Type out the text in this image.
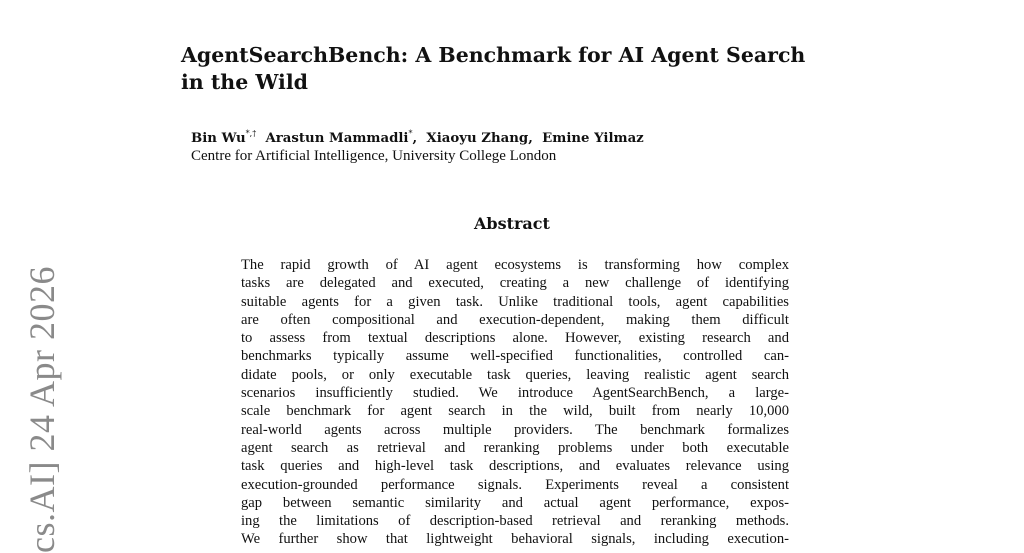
cs.AI] 24 Apr 2026
AgentSearchBench: A Benchmark for AI Agent Search in the Wild
Bin Wu*,† Arastun Mammadli*,  Xiaoyu Zhang,  Emine Yilmaz
Centre for Artificial Intelligence, University College London
Abstract
The rapid growth of AI agent ecosystems is transforming how complex
tasks are delegated and executed, creating a new challenge of identifying
suitable agents for a given task. Unlike traditional tools, agent capabilities
are often compositional and execution-dependent, making them difficult
to assess from textual descriptions alone. However, existing research and
benchmarks typically assume well-specified functionalities, controlled can-
didate pools, or only executable task queries, leaving realistic agent search
scenarios insufficiently studied. We introduce AgentSearchBench, a large-
scale benchmark for agent search in the wild, built from nearly 10,000
real-world agents across multiple providers. The benchmark formalizes
agent search as retrieval and reranking problems under both executable
task queries and high-level task descriptions, and evaluates relevance using
execution-grounded performance signals. Experiments reveal a consistent
gap between semantic similarity and actual agent performance, expos-
ing the limitations of description-based retrieval and reranking methods.
We further show that lightweight behavioral signals, including execution-
